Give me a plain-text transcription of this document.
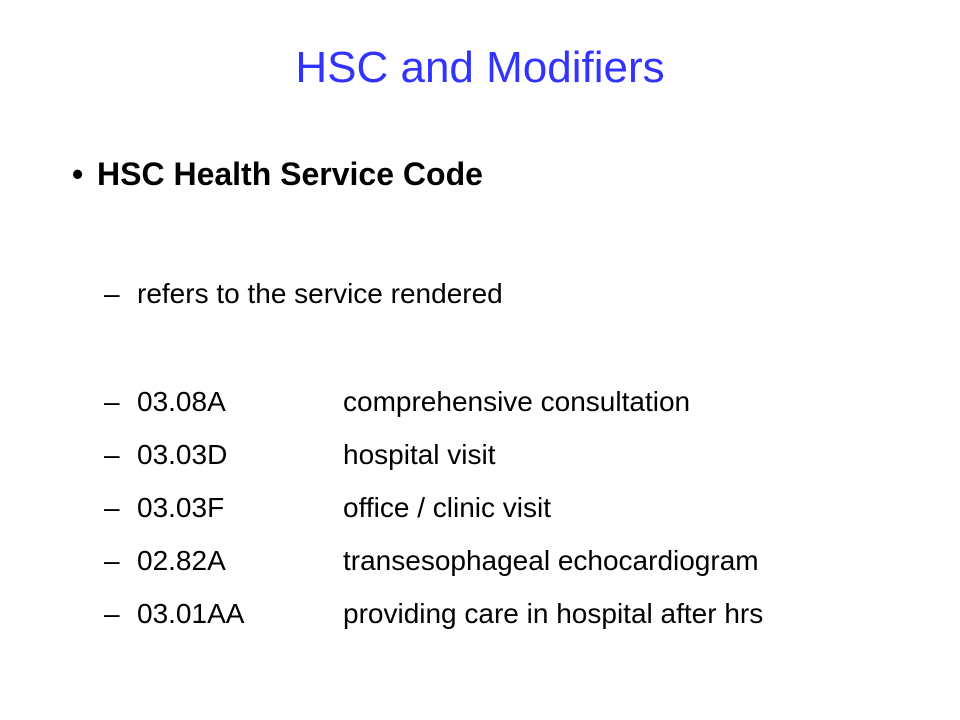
HSC and Modifiers
• HSC Health Service Code
– refers to the service rendered
– 03.08A	comprehensive consultation
– 03.03D	hospital visit
– 03.03F	office / clinic visit
– 02.82A	transesophageal echocardiogram
– 03.01AA	providing care in hospital after hrs
